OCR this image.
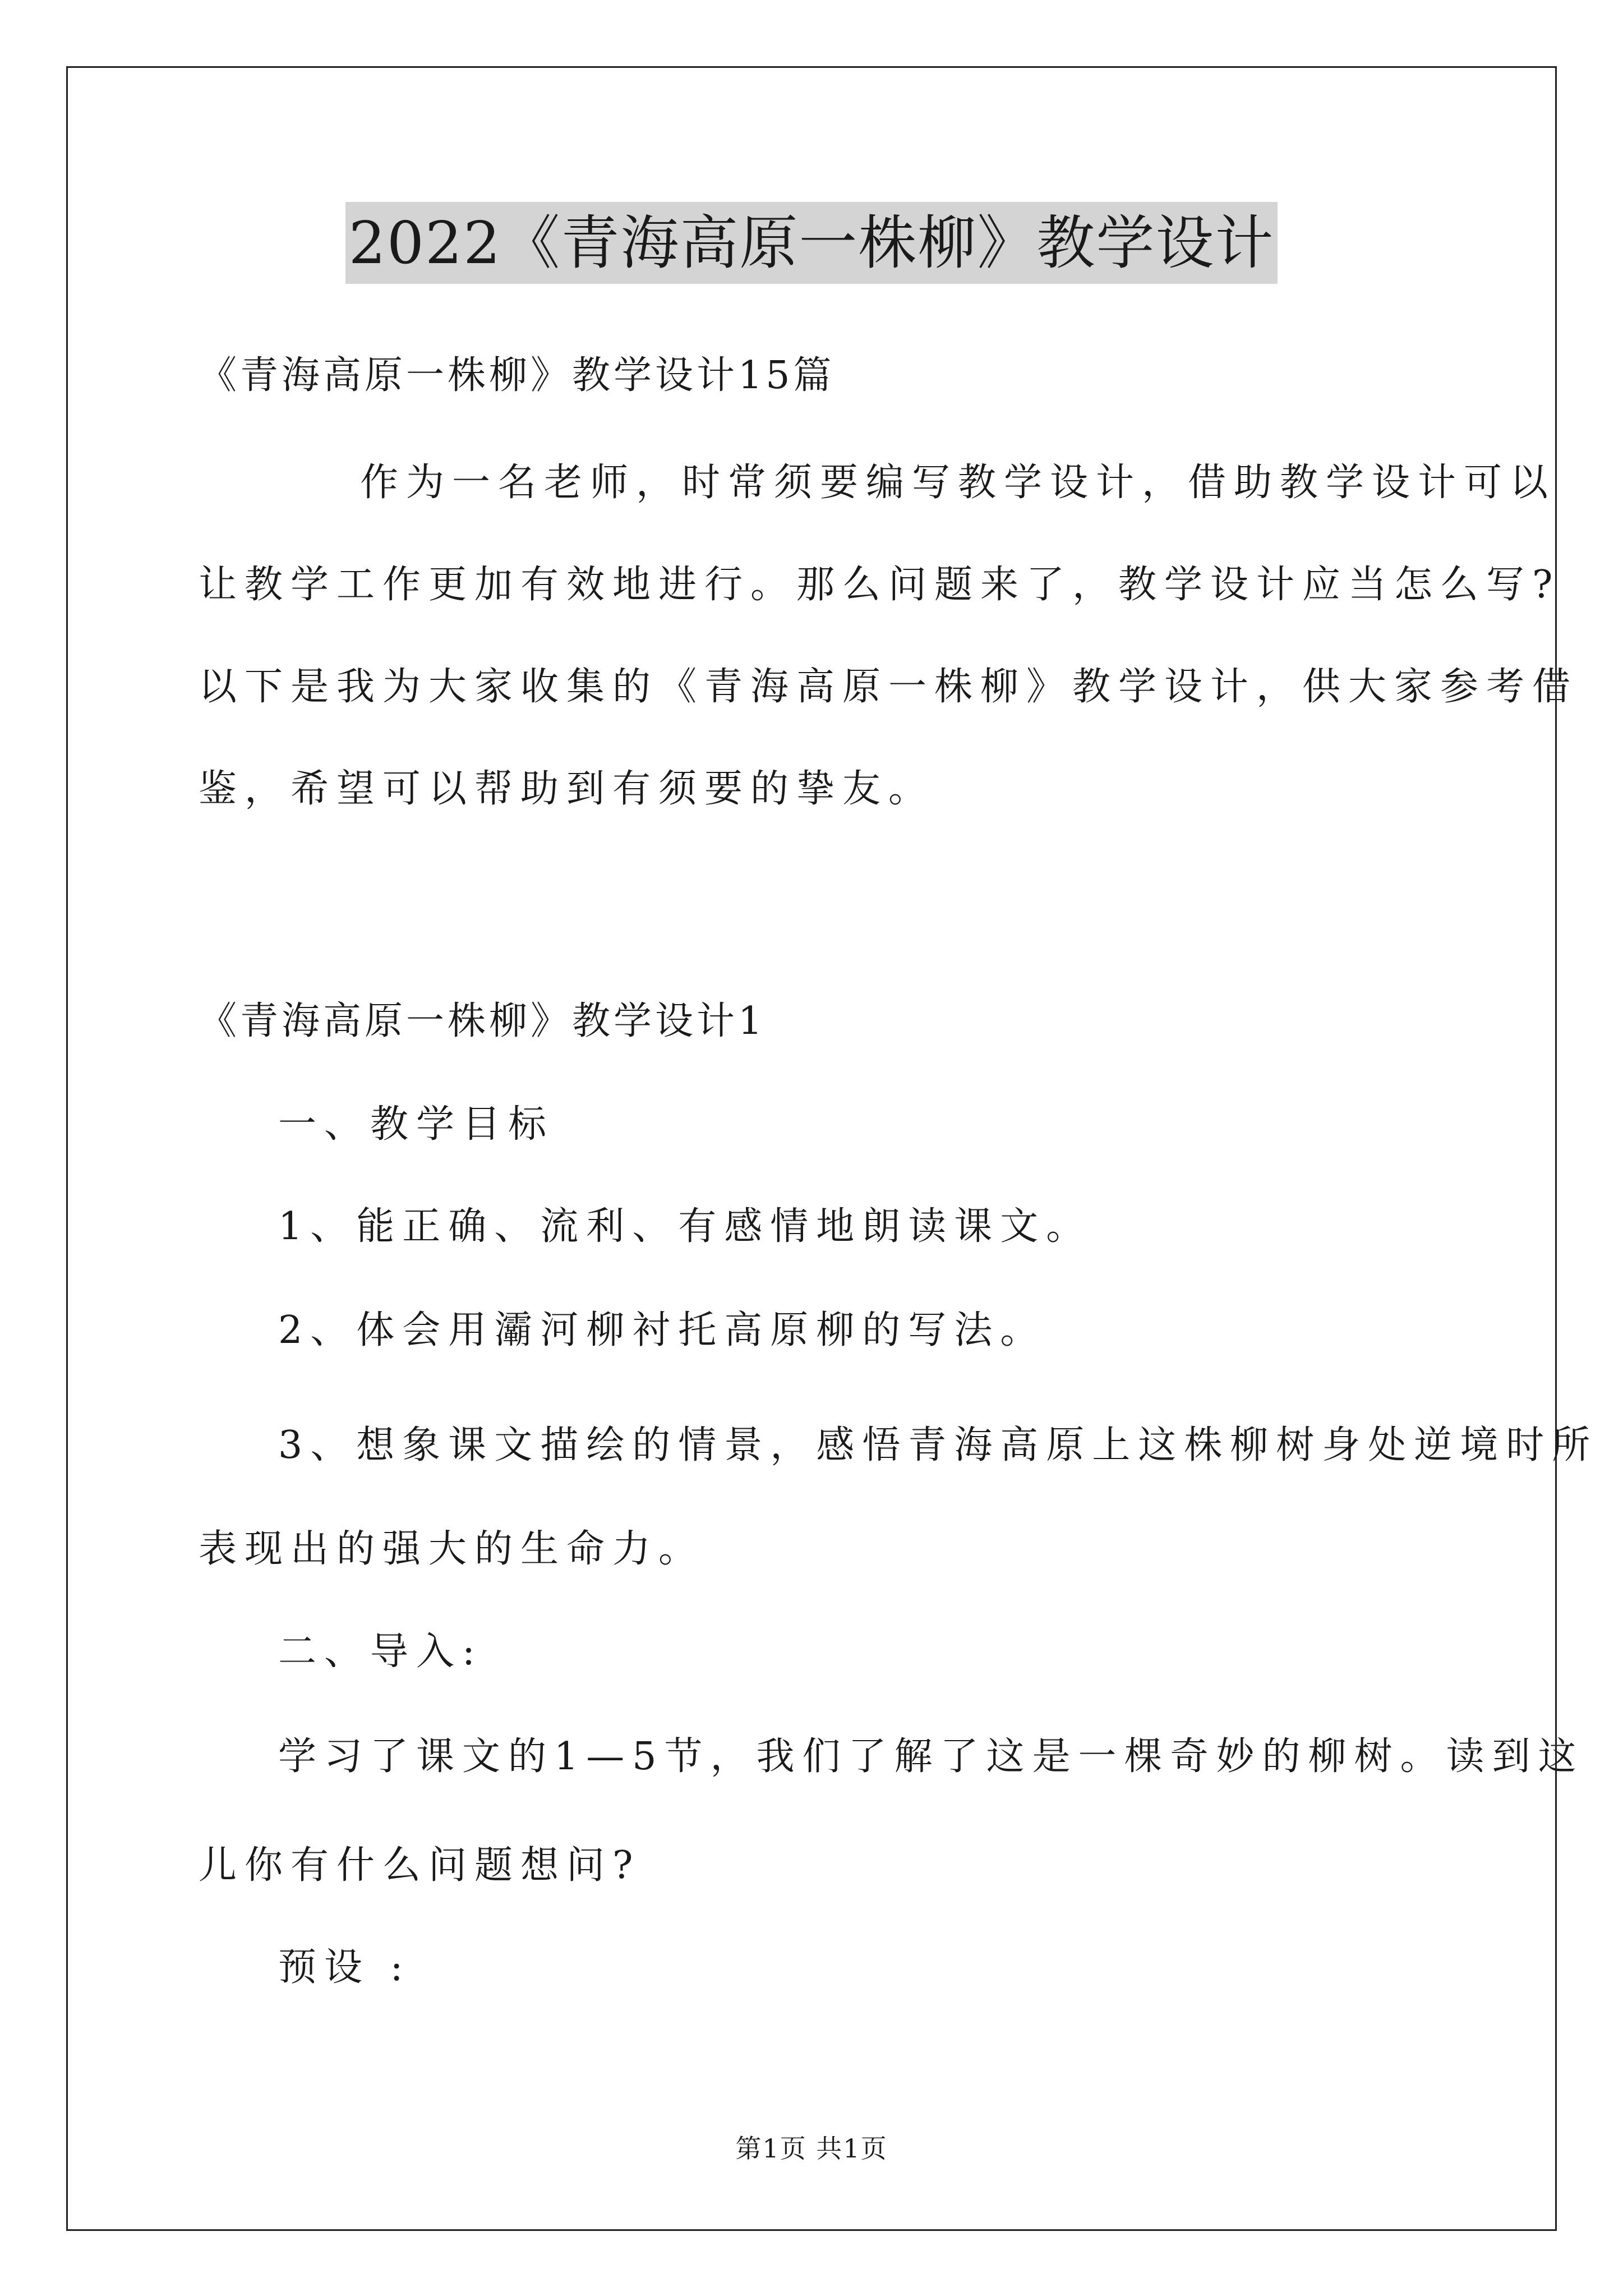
2022《青海高原一株柳》教学设计
《青海高原一株柳》教学设计15篇
作为一名老师，时常须要编写教学设计，借助教学设计可以
让教学工作更加有效地进行。那么问题来了，教学设计应当怎么写?
以下是我为大家收集的《青海高原一株柳》教学设计，供大家参考借
鉴，希望可以帮助到有须要的挚友。
《青海高原一株柳》教学设计1
一、教学目标
1、能正确、流利、有感情地朗读课文。
2、体会用灞河柳衬托高原柳的写法。
3、想象课文描绘的情景，感悟青海高原上这株柳树身处逆境时所
表现出的强大的生命力。
二、导入:
学习了课文的1—5节，我们了解了这是一棵奇妙的柳树。读到这
儿你有什么问题想问?
预设 :
第1页 共1页
